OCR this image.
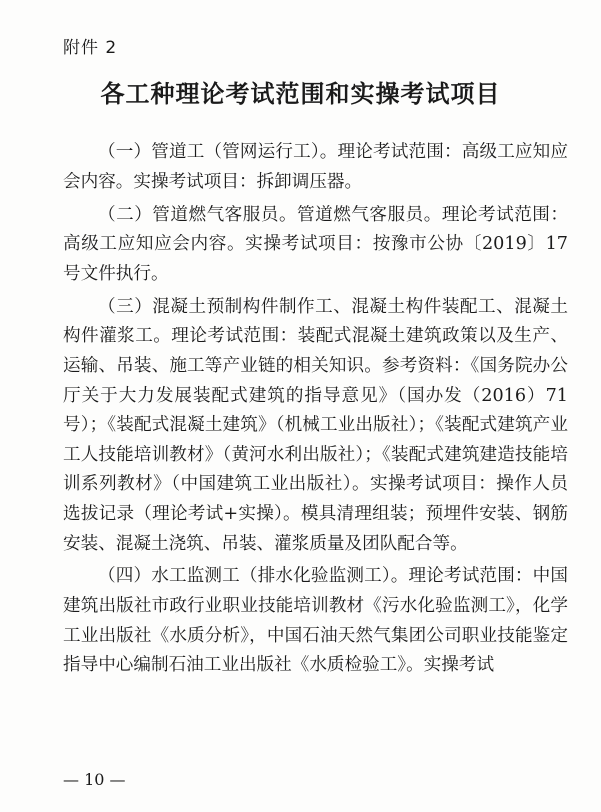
附件 2
各工种理论考试范围和实操考试项目

（一）管道工（管网运行工）。理论考试范围：高级工应知应会内容。实操考试项目：拆卸调压器。

（二）管道燃气客服员。管道燃气客服员。理论考试范围：高级工应知应会内容。实操考试项目：按豫市公协〔2019〕17 号文件执行。

（三）混凝土预制构件制作工、混凝土构件装配工、混凝土构件灌浆工。理论考试范围：装配式混凝土建筑政策以及生产、运输、吊装、施工等产业链的相关知识。参考资料：《国务院办公厅关于大力发展装配式建筑的指导意见》（国办发（2016）71号）；《装配式混凝土建筑》（机械工业出版社）；《装配式建筑产业工人技能培训教材》（黄河水利出版社）；《装配式建筑建造技能培训系列教材》（中国建筑工业出版社）。实操考试项目：操作人员选拔记录（理论考试+实操）。模具清理组装；预埋件安装、钢筋安装、混凝土浇筑、吊装、灌浆质量及团队配合等。

（四）水工监测工（排水化验监测工）。理论考试范围：中国建筑出版社市政行业职业技能培训教材《污水化验监测工》，化学工业出版社《水质分析》，中国石油天然气集团公司职业技能鉴定指导中心编制石油工业出版社《水质检验工》。实操考试

— 10 —
